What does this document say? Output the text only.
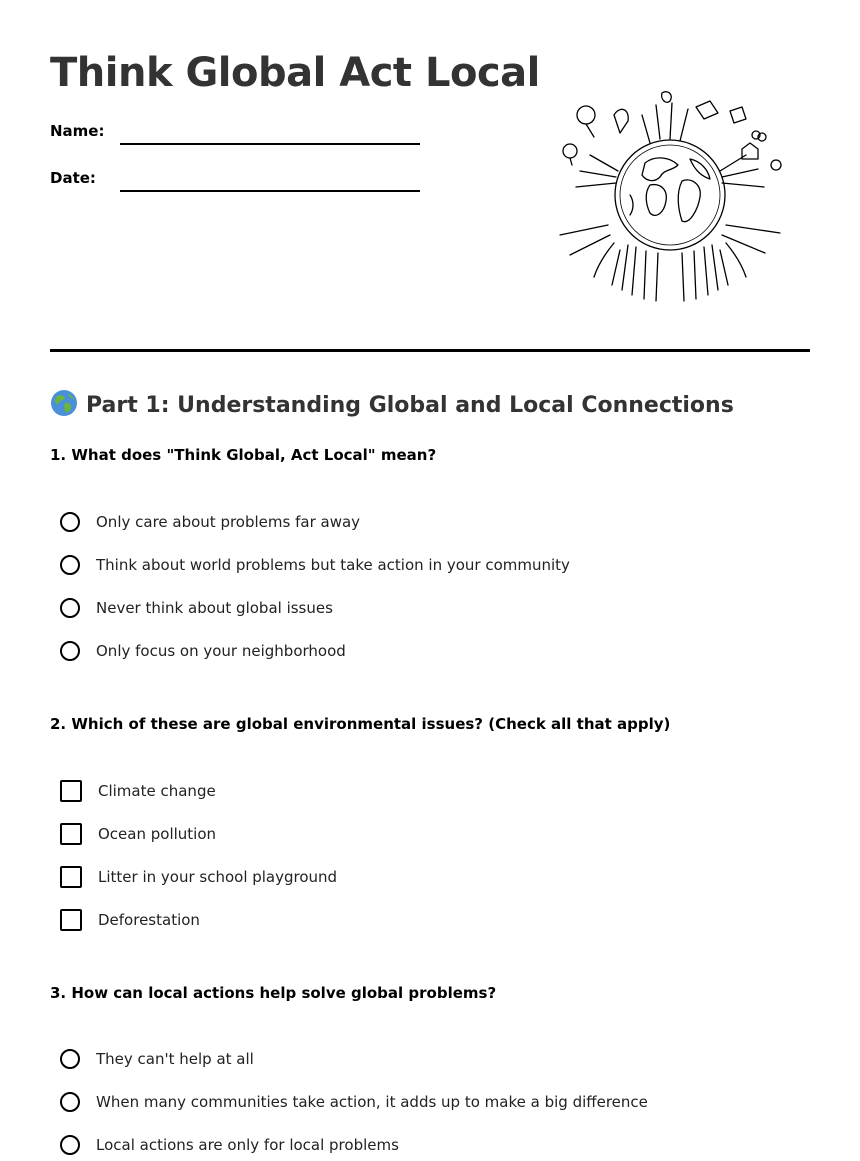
Think Global Act Local
Name:
Date:
Part 1: Understanding Global and Local Connections

1. What does "Think Global, Act Local" mean?

Only care about problems far away
Think about world problems but take action in your community
Never think about global issues
Only focus on your neighborhood

2. Which of these are global environmental issues? (Check all that apply)

Climate change
Ocean pollution
Litter in your school playground
Deforestation

3. How can local actions help solve global problems?

They can't help at all
When many communities take action, it adds up to make a big difference
Local actions are only for local problems
